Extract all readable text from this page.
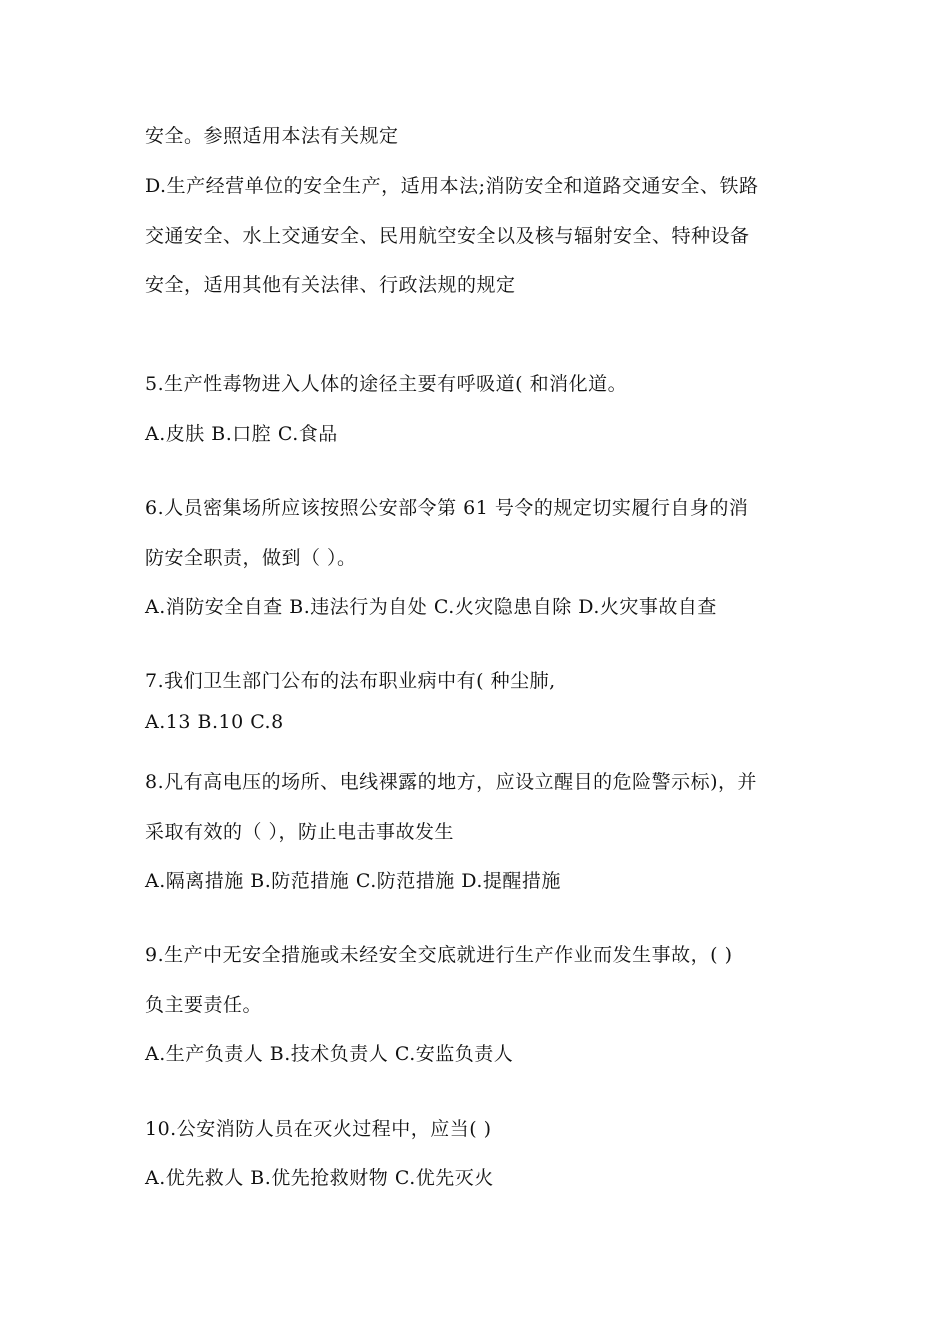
安全。参照适用本法有关规定
D.生产经营单位的安全生产，适用本法;消防安全和道路交通安全、铁路
交通安全、水上交通安全、民用航空安全以及核与辐射安全、特种设备
安全，适用其他有关法律、行政法规的规定
5.生产性毒物进入人体的途径主要有呼吸道( 和消化道。
A.皮肤 B.口腔 C.食品
6.人员密集场所应该按照公安部令第 61 号令的规定切实履行自身的消
防安全职责，做到（ ）。
A.消防安全自查 B.违法行为自处 C.火灾隐患自除 D.火灾事故自查
7.我们卫生部门公布的法布职业病中有( 种尘肺,
A.13 B.10 C.8
8.凡有高电压的场所、电线裸露的地方，应设立醒目的危险警示标)，并
采取有效的（ ），防止电击事故发生
A.隔离措施 B.防范措施 C.防范措施 D.提醒措施
9.生产中无安全措施或未经安全交底就进行生产作业而发生事故，( )
负主要责任。
A.生产负责人 B.技术负责人 C.安监负责人
10.公安消防人员在灭火过程中，应当( )
A.优先救人 B.优先抢救财物 C.优先灭火
